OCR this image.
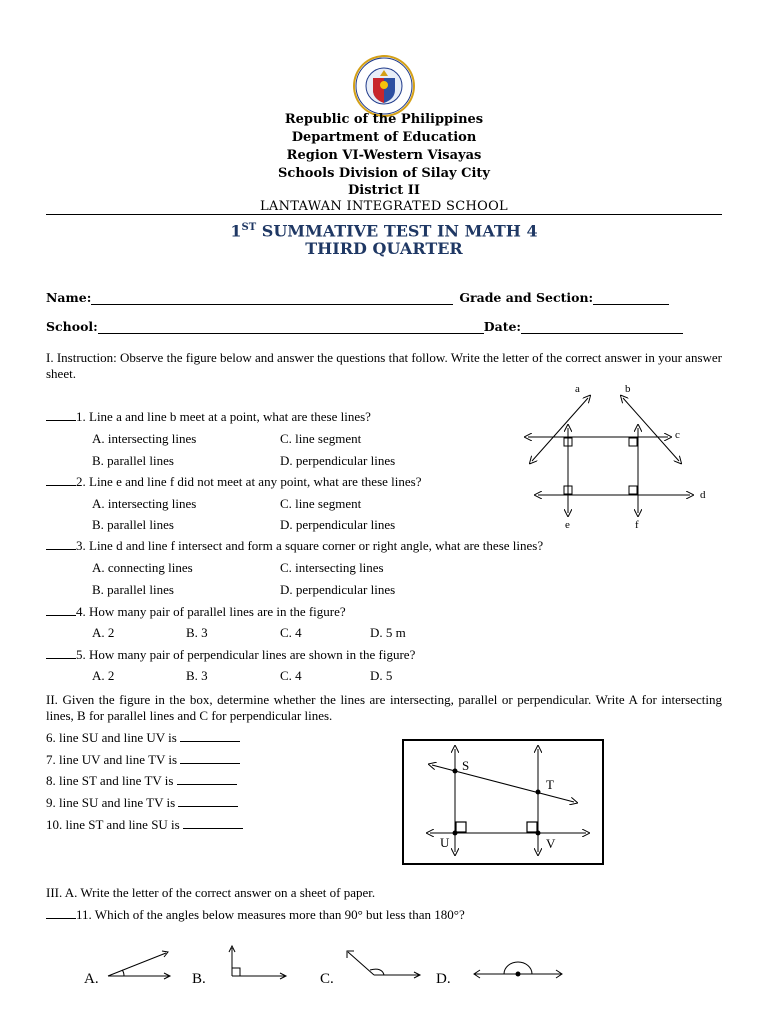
Republic of the Philippines
Department of Education
Region VI-Western Visayas
Schools Division of Silay City
District II
LANTAWAN INTEGRATED SCHOOL
1ST SUMMATIVE TEST IN MATH 4
THIRD QUARTER
Name:	Grade and Section:
School:	Date:
I. Instruction: Observe the figure below and answer the questions that follow. Write the letter of the correct answer in your answer sheet.
a	b
c
d
e	f
1. Line a and line b meet at a point, what are these lines?
A. intersecting lines	C. line segment
B. parallel lines	D. perpendicular lines
2. Line e and line f did not meet at any point, what are these lines?
A. intersecting lines	C. line segment
B. parallel lines	D. perpendicular lines
3. Line d and line f intersect and form a square corner or right angle, what are these lines?
A. connecting lines	C. intersecting lines
B. parallel lines	D. perpendicular lines
4. How many pair of parallel lines are in the figure?
A. 2	B. 3	C. 4	D. 5 m
5. How many pair of perpendicular lines are shown in the figure?
A. 2	B. 3	C. 4	D. 5
II. Given the figure in the box, determine whether the lines are intersecting, parallel or perpendicular. Write A for intersecting lines, B for parallel lines and C for perpendicular lines.
6. line SU and line UV is
7. line UV and line TV is
8. line ST and line TV is
9. line SU and line TV is
10. line ST and line SU is
S
T
U	V
III. A. Write the letter of the correct answer on a sheet of paper.
11. Which of the angles below measures more than 90° but less than 180°?
A.	B.	C.	D.
